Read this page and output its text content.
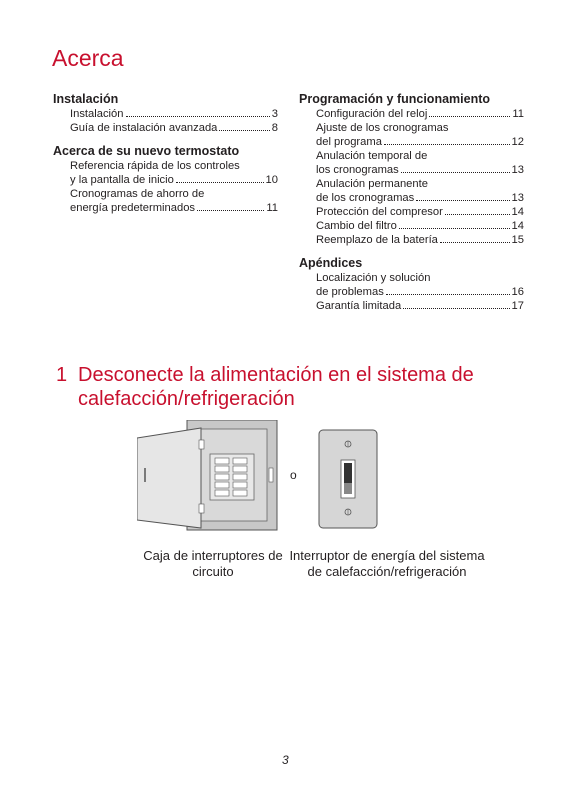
Acerca
Instalación
Instalación	3
Guía de instalación avanzada	8
Acerca de su nuevo termostato
Referencia rápida de los controles
y la pantalla de inicio	10
Cronogramas de ahorro de
energía predeterminados	11
Programación y funcionamiento
Configuración del reloj	11
Ajuste de los cronogramas
del programa	12
Anulación temporal de
los cronogramas	13
Anulación permanente
de los cronogramas	13
Protección del compresor	14
Cambio del filtro	14
Reemplazo de la batería	15
Apéndices
Localización y solución
de problemas	16
Garantía limitada	17
1 Desconecte la alimentación en el sistema de calefacción/refrigeración
o
Caja de interruptores de circuito
Interruptor de energía del sistema de calefacción/refrigeración
3
